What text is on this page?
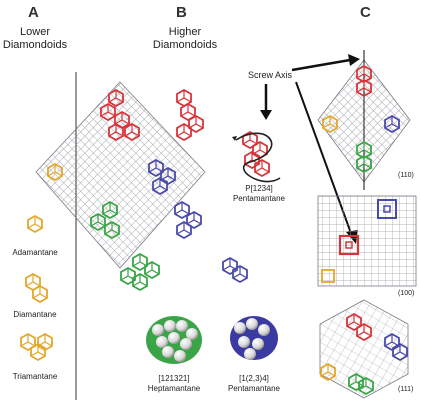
A	B	C
Lower
Diamondoids
Higher
Diamondoids
Adamantane
Diamantane
Triamantane
Screw Axis
P[1234]
Pentamantane
[121321]
Heptamantane
[1(2,3)4]
Pentamantane
(110)
(100)
(111)
